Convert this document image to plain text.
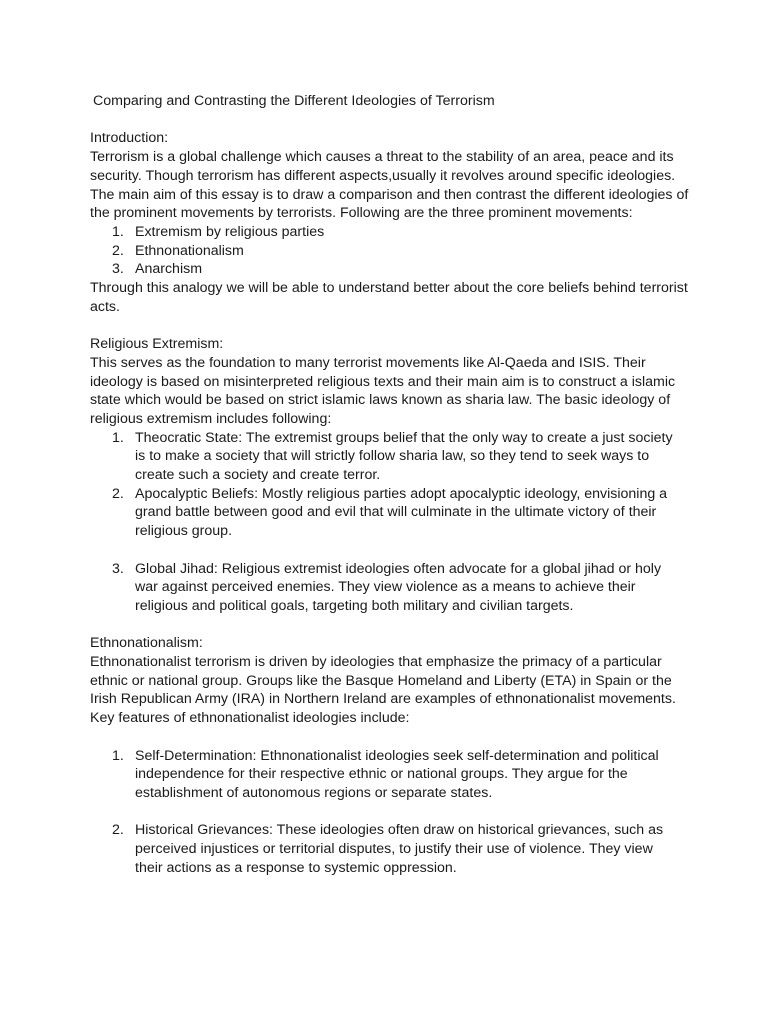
Comparing and Contrasting the Different Ideologies of Terrorism
Introduction:

Terrorism is a global challenge which causes a threat to the stability of an area, peace and its security. Though terrorism has different aspects,usually it revolves around specific ideologies. The main aim of this essay is to draw a comparison and then contrast the different ideologies of the prominent movements by terrorists. Following are the three prominent movements:

1. Extremism by religious parties
2. Ethnonationalism
3. Anarchism

Through this analogy we will be able to understand better about the core beliefs behind terrorist acts.

Religious Extremism:

This serves as the foundation to many terrorist movements like Al-Qaeda and ISIS. Their ideology is based on misinterpreted religious texts and their main aim is to construct a islamic state which would be based on strict islamic laws known as sharia law. The basic ideology of religious extremism includes following:

1. Theocratic State: The extremist groups belief that the only way to create a just society is to make a society that will strictly follow sharia law, so they tend to seek ways to create such a society and create terror.
2. Apocalyptic Beliefs: Mostly religious parties adopt apocalyptic ideology, envisioning a grand battle between good and evil that will culminate in the ultimate victory of their religious group.
3. Global Jihad: Religious extremist ideologies often advocate for a global jihad or holy war against perceived enemies. They view violence as a means to achieve their religious and political goals, targeting both military and civilian targets.
Ethnonationalism:

Ethnonationalist terrorism is driven by ideologies that emphasize the primacy of a particular ethnic or national group. Groups like the Basque Homeland and Liberty (ETA) in Spain or the Irish Republican Army (IRA) in Northern Ireland are examples of ethnonationalist movements. Key features of ethnonationalist ideologies include:

1. Self-Determination: Ethnonationalist ideologies seek self-determination and political independence for their respective ethnic or national groups. They argue for the establishment of autonomous regions or separate states.
2. Historical Grievances: These ideologies often draw on historical grievances, such as perceived injustices or territorial disputes, to justify their use of violence. They view their actions as a response to systemic oppression.
